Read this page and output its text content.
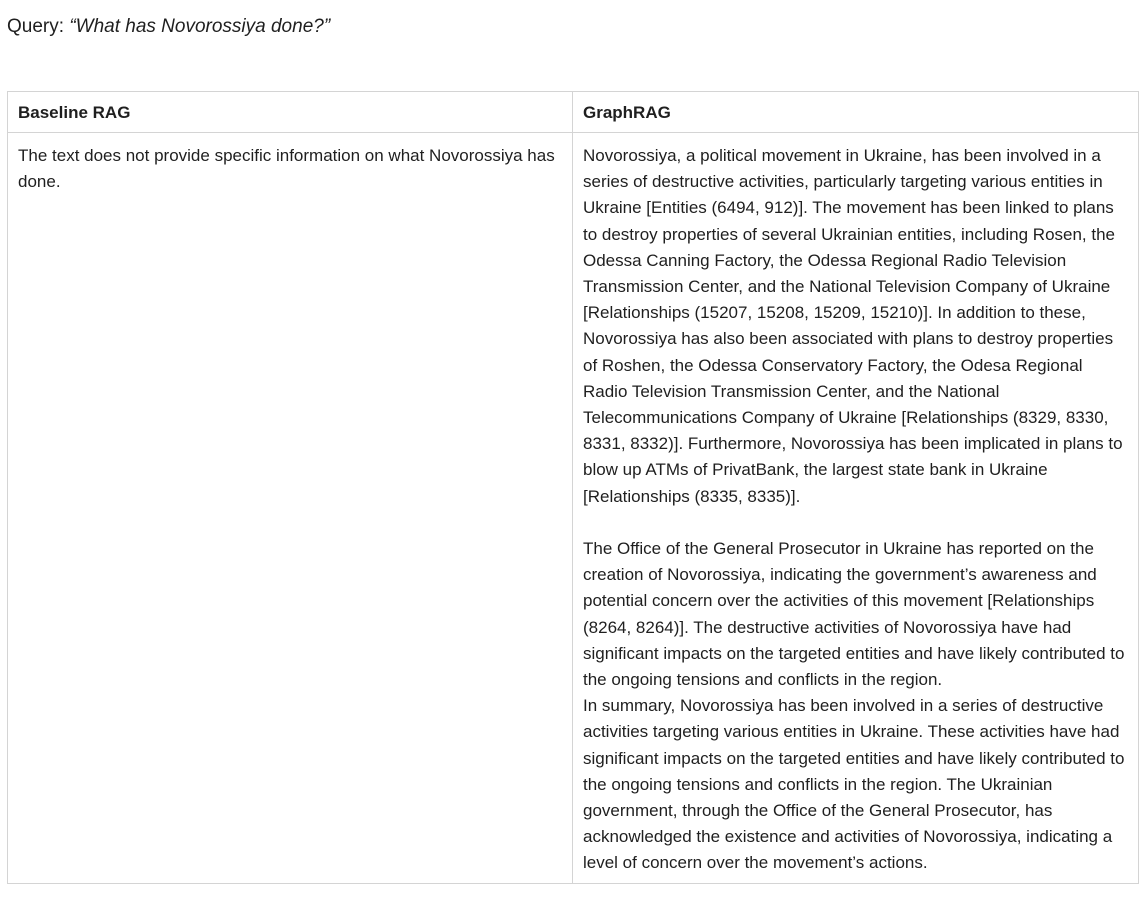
Query: “What has Novorossiya done?”
Baseline RAG	GraphRAG

The text does not provide specific information on what Novorossiya has done.	Novorossiya, a political movement in Ukraine, has been involved in a series of destructive activities, particularly targeting various entities in Ukraine [Entities (6494, 912)]. The movement has been linked to plans to destroy properties of several Ukrainian entities, including Rosen, the Odessa Canning Factory, the Odessa Regional Radio Television Transmission Center, and the National Television Company of Ukraine [Relationships (15207, 15208, 15209, 15210)]. In addition to these, Novorossiya has also been associated with plans to destroy properties of Roshen, the Odessa Conservatory Factory, the Odesa Regional Radio Television Transmission Center, and the National Telecommunications Company of Ukraine [Relationships (8329, 8330, 8331, 8332)]. Furthermore, Novorossiya has been implicated in plans to blow up ATMs of PrivatBank, the largest state bank in Ukraine [Relationships (8335, 8335)].

The Office of the General Prosecutor in Ukraine has reported on the creation of Novorossiya, indicating the government’s awareness and potential concern over the activities of this movement [Relationships (8264, 8264)]. The destructive activities of Novorossiya have had significant impacts on the targeted entities and have likely contributed to the ongoing tensions and conflicts in the region.

In summary, Novorossiya has been involved in a series of destructive activities targeting various entities in Ukraine. These activities have had significant impacts on the targeted entities and have likely contributed to the ongoing tensions and conflicts in the region. The Ukrainian government, through the Office of the General Prosecutor, has acknowledged the existence and activities of Novorossiya, indicating a level of concern over the movement’s actions.
